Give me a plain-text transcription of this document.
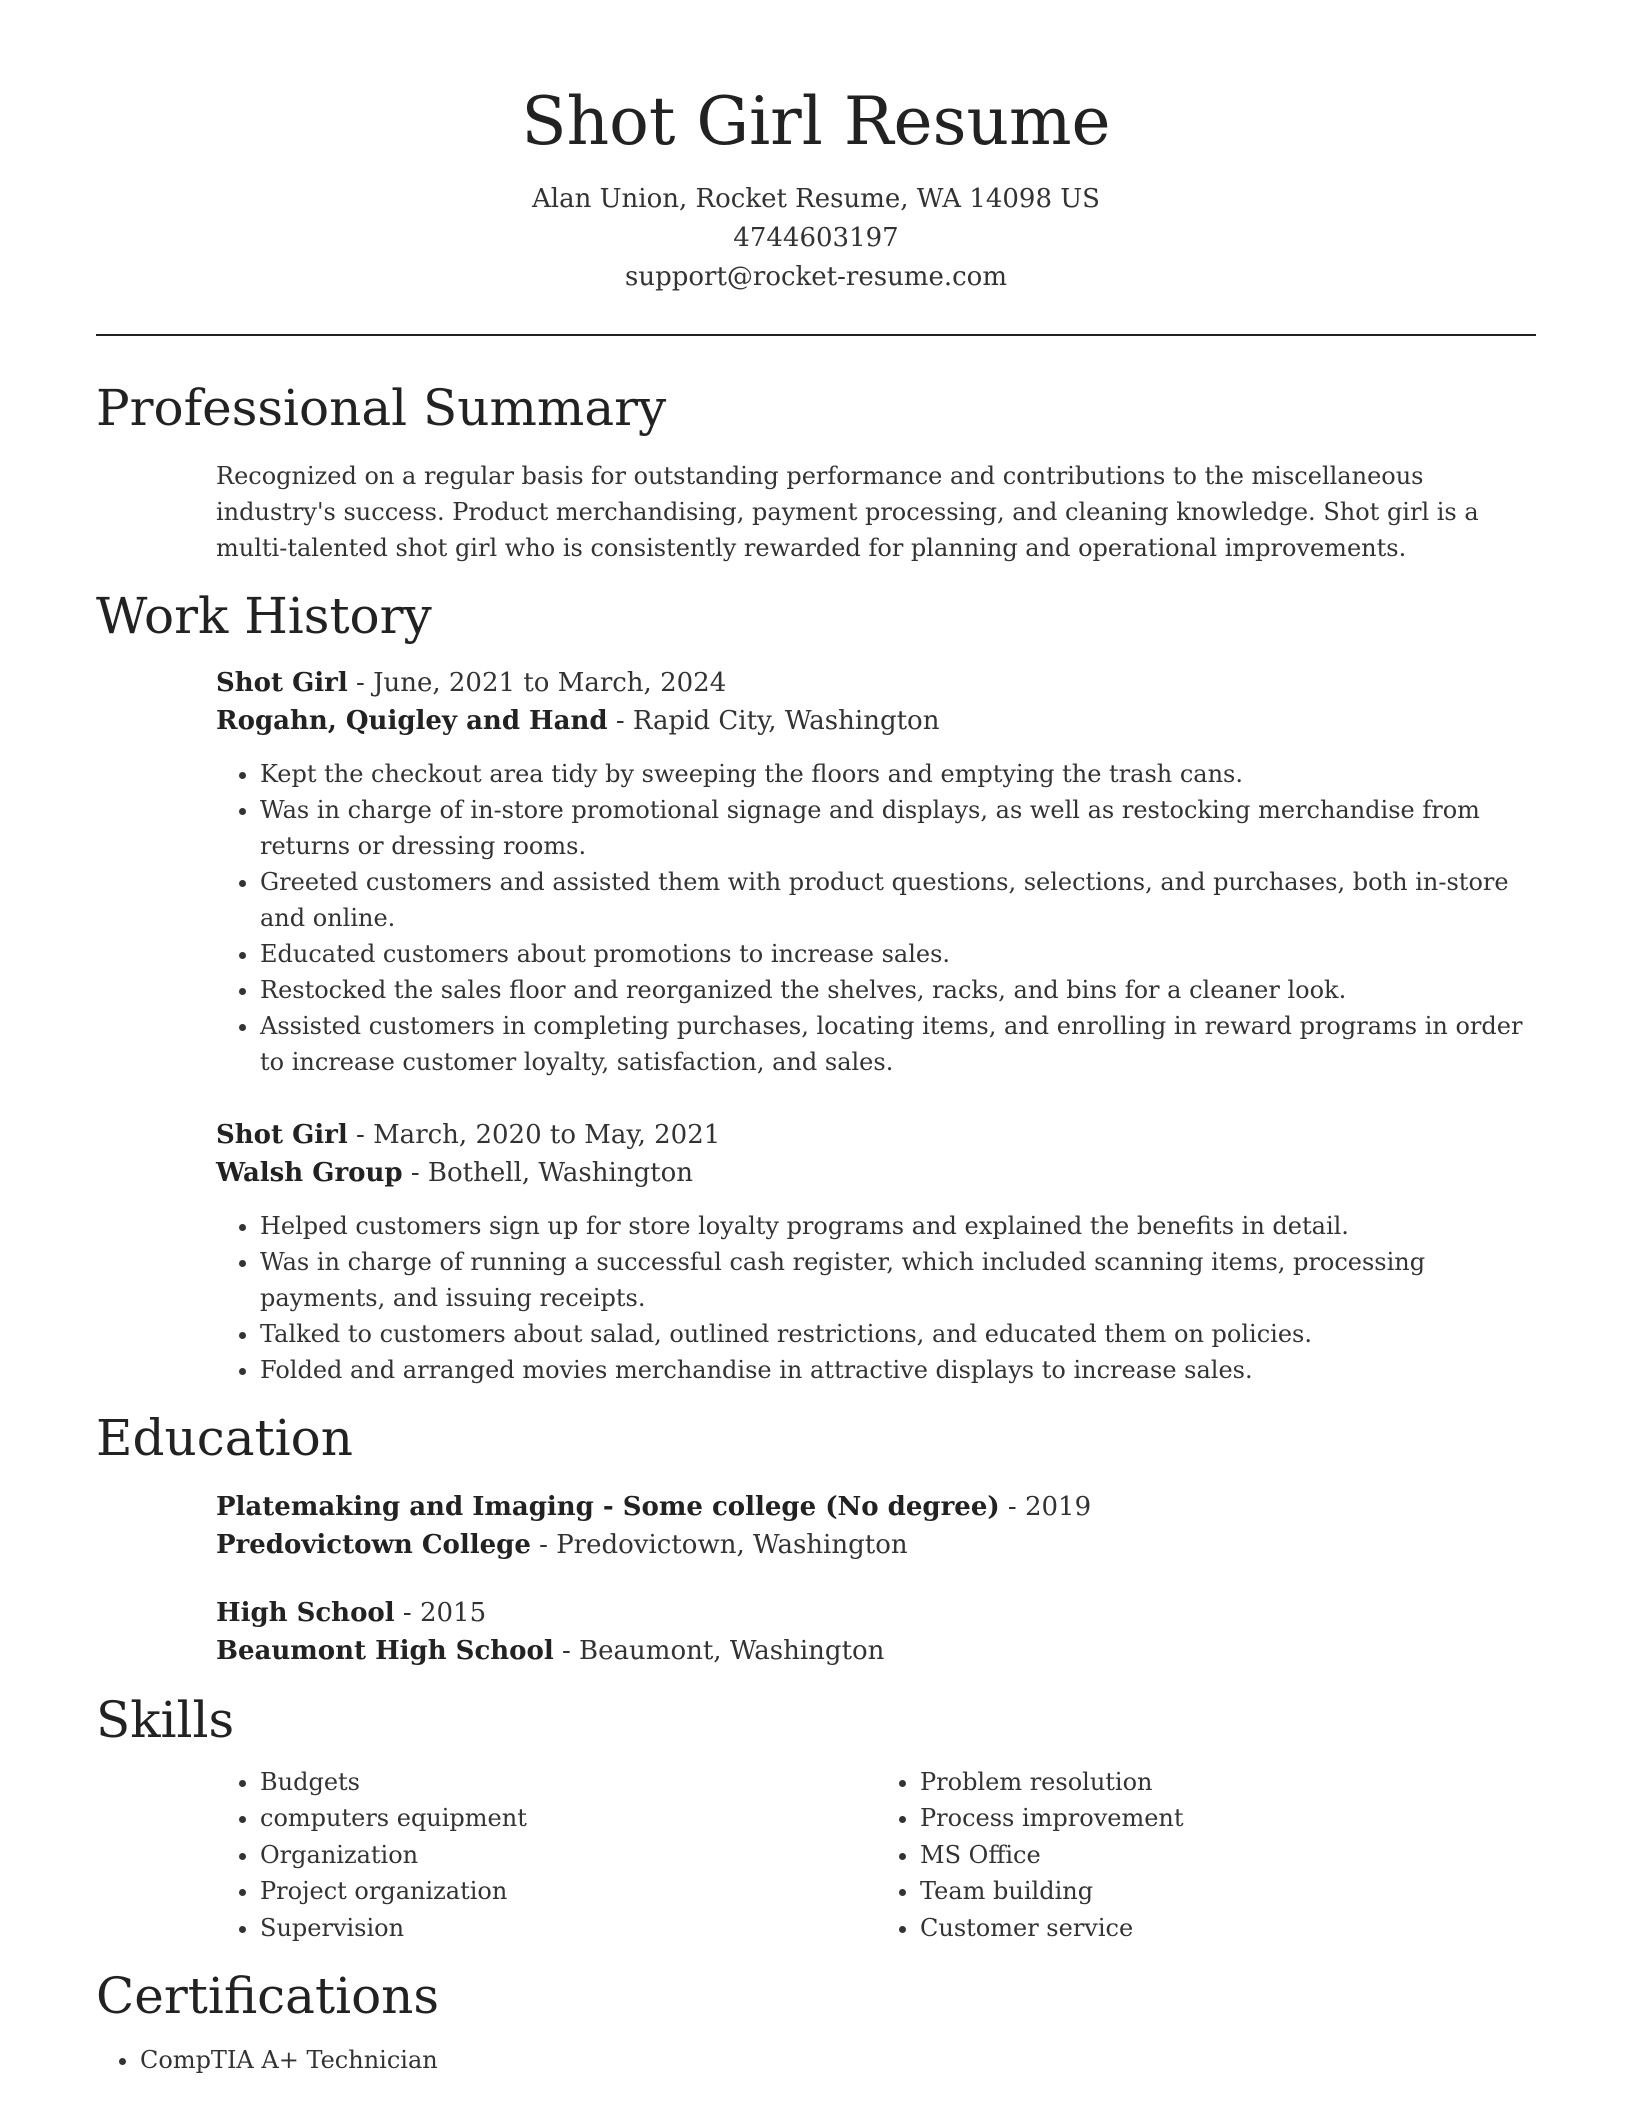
Shot Girl Resume
Alan Union, Rocket Resume, WA 14098 US
4744603197
support@rocket-resume.com
Professional Summary
Recognized on a regular basis for outstanding performance and contributions to the miscellaneous industry's success. Product merchandising, payment processing, and cleaning knowledge. Shot girl is a multi-talented shot girl who is consistently rewarded for planning and operational improvements.
Work History
Shot Girl - June, 2021 to March, 2024
Rogahn, Quigley and Hand - Rapid City, Washington
• Kept the checkout area tidy by sweeping the floors and emptying the trash cans.
• Was in charge of in-store promotional signage and displays, as well as restocking merchandise from returns or dressing rooms.
• Greeted customers and assisted them with product questions, selections, and purchases, both in-store and online.
• Educated customers about promotions to increase sales.
• Restocked the sales floor and reorganized the shelves, racks, and bins for a cleaner look.
• Assisted customers in completing purchases, locating items, and enrolling in reward programs in order to increase customer loyalty, satisfaction, and sales.
Shot Girl - March, 2020 to May, 2021
Walsh Group - Bothell, Washington
• Helped customers sign up for store loyalty programs and explained the benefits in detail.
• Was in charge of running a successful cash register, which included scanning items, processing payments, and issuing receipts.
• Talked to customers about salad, outlined restrictions, and educated them on policies.
• Folded and arranged movies merchandise in attractive displays to increase sales.
Education
Platemaking and Imaging - Some college (No degree) - 2019
Predovictown College - Predovictown, Washington
High School - 2015
Beaumont High School - Beaumont, Washington
Skills
• Budgets
• computers equipment
• Organization
• Project organization
• Supervision
• Problem resolution
• Process improvement
• MS Office
• Team building
• Customer service
Certifications
• CompTIA A+ Technician
